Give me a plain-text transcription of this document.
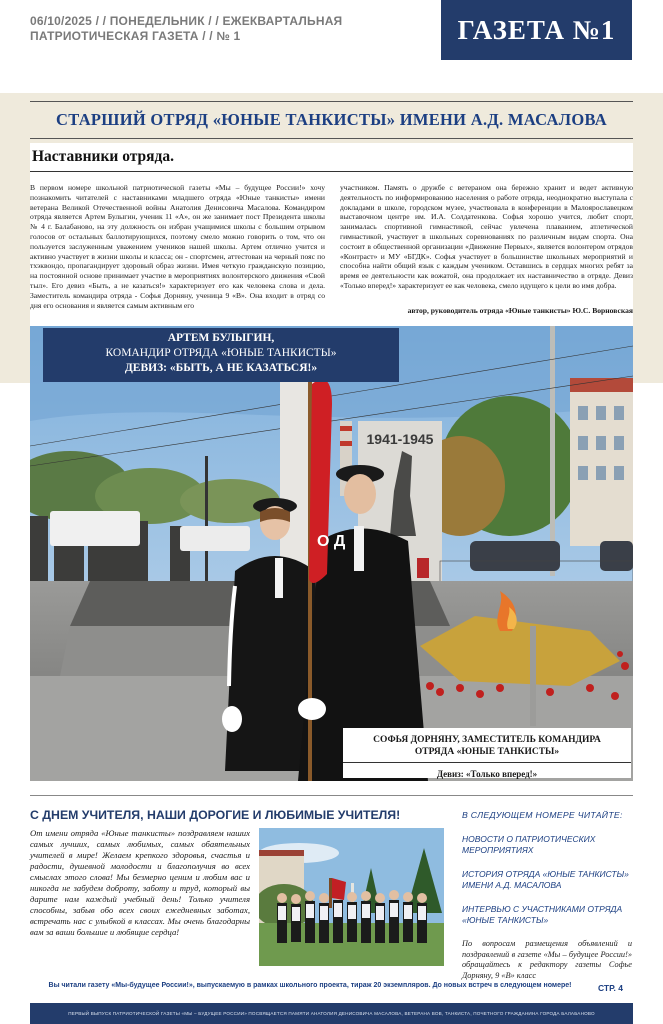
06/10/2025 / / ПОНЕДЕЛЬНИК / / ЕЖЕКВАРТАЛЬНАЯ
ПАТРИОТИЧЕСКАЯ ГАЗЕТА / / № 1	ГАЗЕТА №1
СТАРШИЙ ОТРЯД «ЮНЫЕ ТАНКИСТЫ» ИМЕНИ А.Д. МАСАЛОВА
Наставники отряда.
В первом номере школьной патриотической газеты «Мы – будущее России!» хочу познакомить читателей с наставниками младшего отряда «Юные танкисты» имени ветерана Великой Отечественной войны Анатолия Денисовича Масалова. Командиром отряда является Артем Булыгин, ученик 11 «А», он же занимает пост Президента школы № 4 г. Балабаново, на эту должность он избран учащимися школы с большим отрывом голосов от остальных баллотирующихся, поэтому смело можно говорить о том, что он пользуется заслуженным уважением учеников нашей школы. Артем отлично учится и активно участвует в жизни школы и класса; он - спортсмен, аттестован на черный пояс по тхэквондо, пропагандирует здоровый образ жизни. Имея четкую гражданскую позицию, на постоянной основе принимает участие в мероприятиях волонтерского движения «Свой тыл». Его девиз «Быть, а не казаться!» характеризует его как человека слова и дела. Заместитель командира отряда - Софья Дорняну, ученица 9 «В». Она входит в отряд со дня его основания и является самым активным его
участником. Память о дружбе с ветераном она бережно хранит и ведет активную деятельность по информированию населения о работе отряда, неоднократно выступала с докладами в школе, городском музее, участвовала в конференции в Малоярославецком выставочном центре им. И.А. Солдатенкова. Софья хорошо учится, любит спорт, занималась спортивной гимнастикой, сейчас увлечена плаванием, атлетической гимнастикой, участвует в школьных соревнованиях по различным видам спорта. Она состоит в общественной организации «Движение Первых», является волонтером отрядов «Контраст» и МУ «БГДК». Софья участвует в большинстве школьных мероприятий и способна найти общий язык с каждым учеником. Оставшись в сердцах многих ребят за время ее деятельности как вожатой, она продолжает их наставничество в отряде. Девиз «Только вперед!» характеризует ее как человека, смело идущего к цели во имя добра.
автор, руководитель отряда «Юные танкисты» Ю.С. Ворновская
1941-1945
О Д
АРТЕМ БУЛЫГИН,
КОМАНДИР ОТРЯДА «ЮНЫЕ ТАНКИСТЫ»
ДЕВИЗ: «БЫТЬ, А НЕ КАЗАТЬСЯ!»
СОФЬЯ ДОРНЯНУ, ЗАМЕСТИТЕЛЬ КОМАНДИРА
ОТРЯДА «ЮНЫЕ ТАНКИСТЫ»
Девиз: «Только вперед!»
С ДНЕМ УЧИТЕЛЯ, НАШИ ДОРОГИЕ И ЛЮБИМЫЕ УЧИТЕЛЯ!
От имени отряда «Юные танкисты» поздравляем наших самых лучших, самых любимых, самых обаятельных учителей в мире! Желаем крепкого здоровья, счастья и радости, душевной молодости и благополучия во всех смыслах этого слова! Мы безмерно ценим и любим вас и никогда не забудем доброту, заботу и труд, который вы дарите нам каждый учебный день! Только учителя способны, забыв обо всех своих ежедневных заботах, встречать нас с улыбкой в классах. Мы очень благодарны вам за ваши большие и любящие сердца!
В СЛЕДУЮЩЕМ НОМЕРЕ ЧИТАЙТЕ:
НОВОСТИ О ПАТРИОТИЧЕСКИХ МЕРОПРИЯТИЯХ
ИСТОРИЯ ОТРЯДА «ЮНЫЕ ТАНКИСТЫ» ИМЕНИ А.Д. МАСАЛОВА
ИНТЕРВЬЮ С УЧАСТНИКАМИ ОТРЯДА «ЮНЫЕ ТАНКИСТЫ»
По вопросам размещения объявлений и поздравлений в газете «Мы – будущее России!» обращайтесь к редактору газеты Софье Дорняну, 9 «В» класс
Вы читали газету «Мы-будущее России!», выпускаемую в рамках школьного проекта, тираж 20 экземпляров. До новых встреч в следующем номере!	СТР. 4
ПЕРВЫЙ ВЫПУСК ПАТРИОТИЧЕСКОЙ ГАЗЕТЫ «МЫ – БУДУЩЕЕ РОССИИ» ПОСВЯЩАЕТСЯ ПАМЯТИ АНАТОЛИЯ ДЕНИСОВИЧА МАСАЛОВА, ВЕТЕРАНА ВОВ, ТАНКИСТА, ПОЧЕТНОГО ГРАЖДАНИНА ГОРОДА БАЛАБАНОВО
